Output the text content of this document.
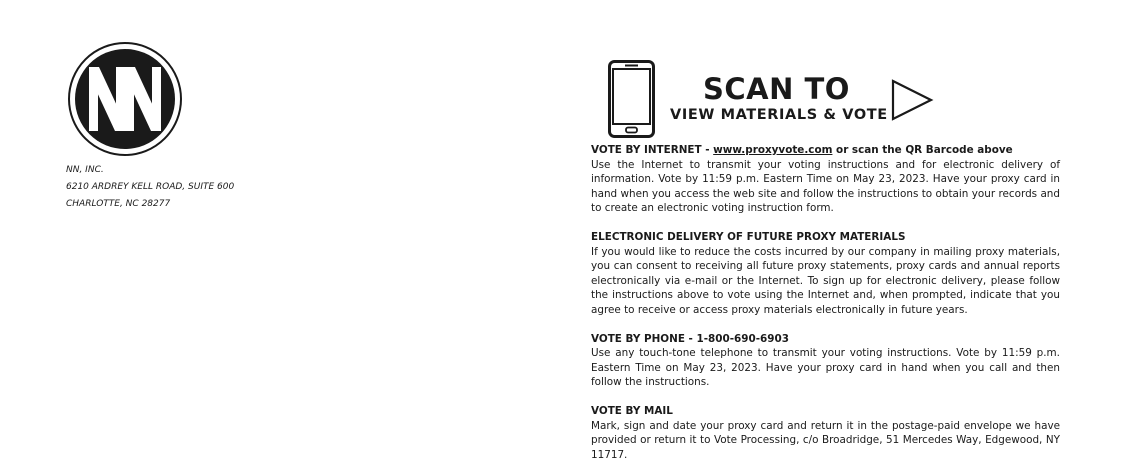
NN, INC.
6210 ARDREY KELL ROAD, SUITE 600
CHARLOTTE, NC 28277
SCAN TO
VIEW MATERIALS & VOTE
VOTE BY INTERNET - www.proxyvote.com or scan the QR Barcode above
Use the Internet to transmit your voting instructions and for electronic delivery of information. Vote by 11:59 p.m. Eastern Time on May 23, 2023. Have your proxy card in hand when you access the web site and follow the instructions to obtain your records and to create an electronic voting instruction form.
ELECTRONIC DELIVERY OF FUTURE PROXY MATERIALS
If you would like to reduce the costs incurred by our company in mailing proxy materials, you can consent to receiving all future proxy statements, proxy cards and annual reports electronically via e-mail or the Internet. To sign up for electronic delivery, please follow the instructions above to vote using the Internet and, when prompted, indicate that you agree to receive or access proxy materials electronically in future years.
VOTE BY PHONE - 1-800-690-6903
Use any touch-tone telephone to transmit your voting instructions. Vote by 11:59 p.m. Eastern Time on May 23, 2023. Have your proxy card in hand when you call and then follow the instructions.
VOTE BY MAIL
Mark, sign and date your proxy card and return it in the postage-paid envelope we have provided or return it to Vote Processing, c/o Broadridge, 51 Mercedes Way, Edgewood, NY 11717.
